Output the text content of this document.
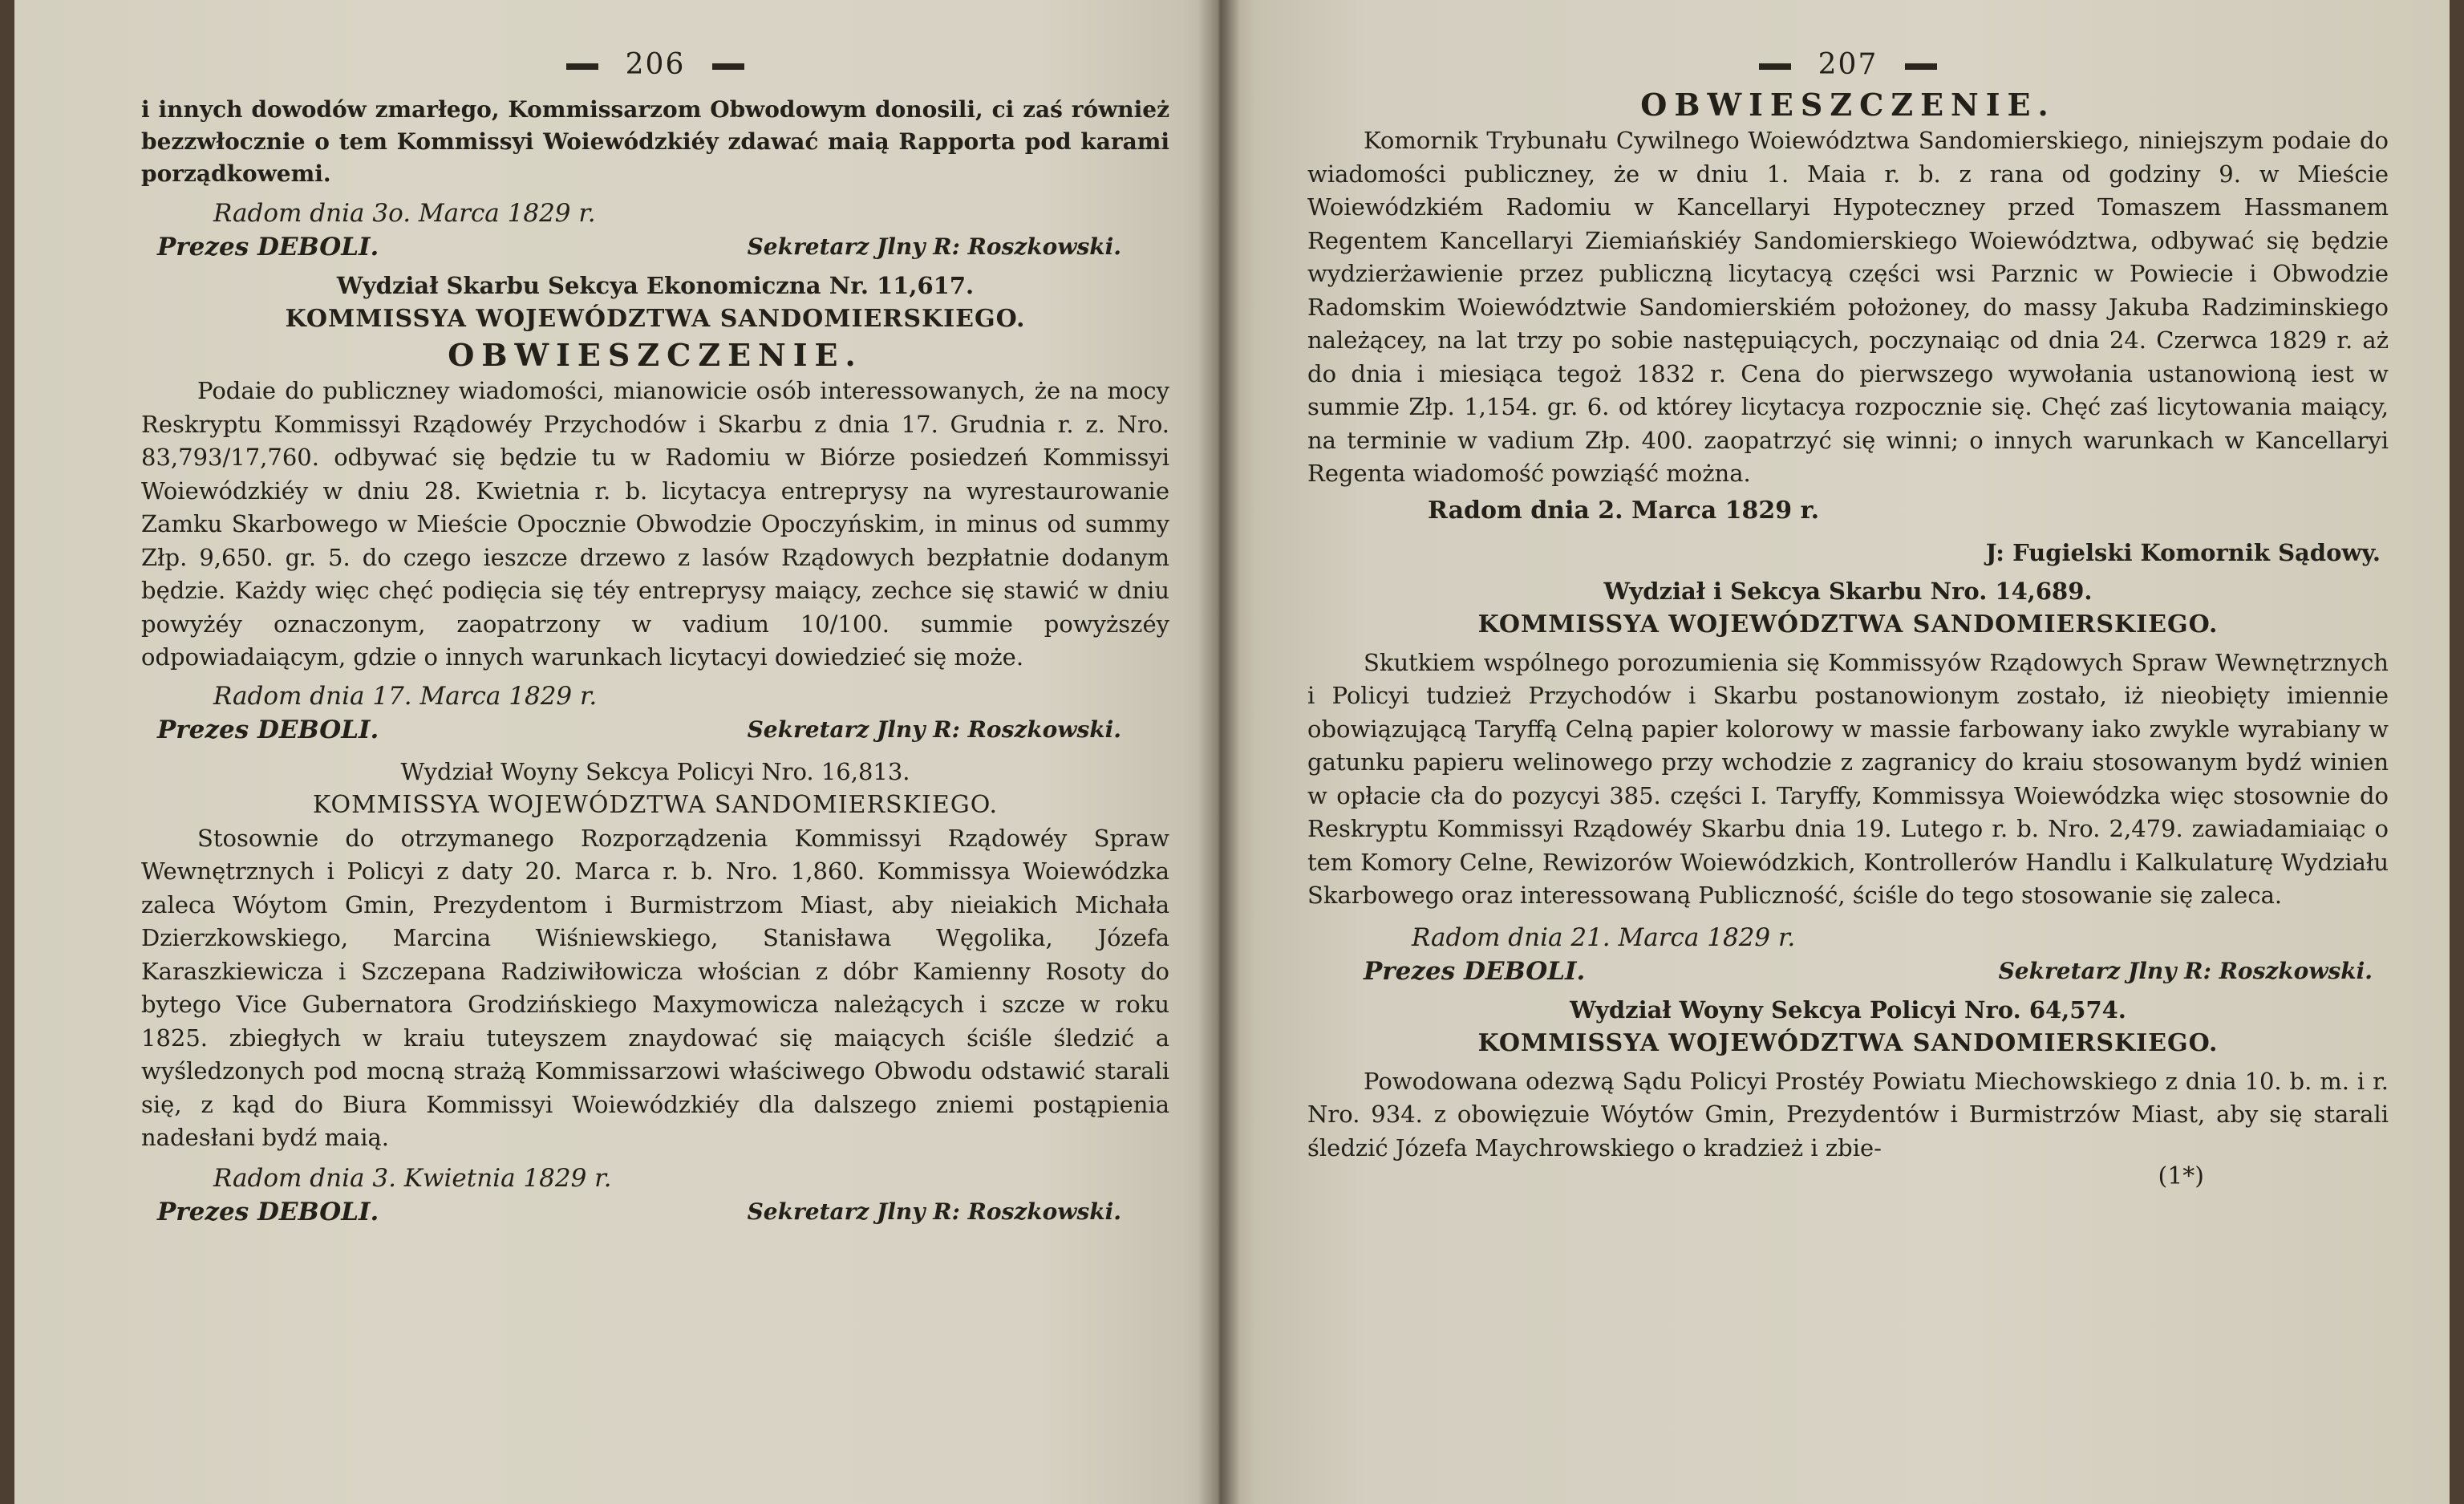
206

i innych dowodów zmarłego, Kommissarzom Obwodowym donosili, ci zaś również bezzwłocznie o tem Kommissyi Woiewódzkiéy zdawać maią Rapporta pod karami porządkowemi.

Radom dnia 3o. Marca 1829 r.
Prezes DEBOLI.	Sekretarz Jlny R: Roszkowski.
Wydział Skarbu Sekcya Ekonomiczna Nr. 11,617.
KOMMISSYA WOJEWÓDZTWA SANDOMIERSKIEGO.
OBWIESZCZENIE.

Podaie do publiczney wiadomości, mianowicie osób interessowanych, że na mocy Reskryptu Kommissyi Rządowéy Przychodów i Skarbu z dnia 17. Grudnia r. z. Nro. 83,793/17,760. odbywać się będzie tu w Radomiu w Biórze posiedzeń Kommissyi Woiewódzkiéy w dniu 28. Kwietnia r. b. licytacya entreprysy na wyrestaurowanie Zamku Skarbowego w Mieście Opocznie Obwodzie Opoczyńskim, in minus od summy Złp. 9,650. gr. 5. do czego ieszcze drzewo z lasów Rządowych bezpłatnie dodanym będzie. Każdy więc chęć podięcia się téy entreprysy maiący, zechce się stawić w dniu powyżéy oznaczonym, zaopatrzony w vadium 10/100. summie powyższéy odpowiadaiącym, gdzie o innych warunkach licytacyi dowiedzieć się może.

Radom dnia 17. Marca 1829 r.
Prezes DEBOLI.	Sekretarz Jlny R: Roszkowski.
Wydział Woyny Sekcya Policyi Nro. 16,813.
KOMMISSYA WOJEWÓDZTWA SANDOMIERSKIEGO.

Stosownie do otrzymanego Rozporządzenia Kommissyi Rządowéy Spraw Wewnętrznych i Policyi z daty 20. Marca r. b. Nro. 1,860. Kommissya Woiewódzka zaleca Wóytom Gmin, Prezydentom i Burmistrzom Miast, aby nieiakich Michała Dzierzkowskiego, Marcina Wiśniewskiego, Stanisława Węgolika, Józefa Karaszkiewicza i Szczepana Radziwiłowicza włościan z dóbr Kamienny Rosoty do bytego Vice Gubernatora Grodzińskiego Maxymowicza należących i szcze w roku 1825. zbiegłych w kraiu tuteyszem znaydować się maiących ściśle śledzić a wyśledzonych pod mocną strażą Kommissarzowi właściwego Obwodu odstawić starali się, z kąd do Biura Kommissyi Woiewódzkiéy dla dalszego zniemi postąpienia nadesłani bydź maią.

Radom dnia 3. Kwietnia 1829 r.
Prezes DEBOLI.	Sekretarz Jlny R: Roszkowski.
207
OBWIESZCZENIE.

Komornik Trybunału Cywilnego Woiewództwa Sandomierskiego, niniejszym podaie do wiadomości publiczney, że w dniu 1. Maia r. b. z rana od godziny 9. w Mieście Woiewódzkiém Radomiu w Kancellaryi Hypoteczney przed Tomaszem Hassmanem Regentem Kancellaryi Ziemiańskiéy Sandomierskiego Woiewództwa, odbywać się będzie wydzierżawienie przez publiczną licytacyą części wsi Parznic w Powiecie i Obwodzie Radomskim Woiewództwie Sandomierskiém położoney, do massy Jakuba Radziminskiego należącey, na lat trzy po sobie następuiących, poczynaiąc od dnia 24. Czerwca 1829 r. aż do dnia i miesiąca tegoż 1832 r. Cena do pierwszego wywołania ustanowioną iest w summie Złp. 1,154. gr. 6. od którey licytacya rozpocznie się. Chęć zaś licytowania maiący, na terminie w vadium Złp. 400. zaopatrzyć się winni; o innych warunkach w Kancellaryi Regenta wiadomość powziąść można.

Radom dnia 2. Marca 1829 r.
J: Fugielski Komornik Sądowy.
Wydział i Sekcya Skarbu Nro. 14,689.
KOMMISSYA WOJEWÓDZTWA SANDOMIERSKIEGO.

Skutkiem wspólnego porozumienia się Kommissyów Rządowych Spraw Wewnętrznych i Policyi tudzież Przychodów i Skarbu postanowionym zostało, iż nieobięty imiennie obowiązującą Taryffą Celną papier kolorowy w massie farbowany iako zwykle wyrabiany w gatunku papieru welinowego przy wchodzie z zagranicy do kraiu stosowanym bydź winien w opłacie cła do pozycyi 385. części I. Taryffy, Kommissya Woiewódzka więc stosownie do Reskryptu Kommissyi Rządowéy Skarbu dnia 19. Lutego r. b. Nro. 2,479. zawiadamiaiąc o tem Komory Celne, Rewizorów Woiewódzkich, Kontrollerów Handlu i Kalkulaturę Wydziału Skarbowego oraz interessowaną Publiczność, ściśle do tego stosowanie się zaleca.

Radom dnia 21. Marca 1829 r.
Prezes DEBOLI.	Sekretarz Jlny R: Roszkowski.
Wydział Woyny Sekcya Policyi Nro. 64,574.
KOMMISSYA WOJEWÓDZTWA SANDOMIERSKIEGO.

Powodowana odezwą Sądu Policyi Prostéy Powiatu Miechowskiego z dnia 10. b. m. i r. Nro. 934. z obowięzuie Wóytów Gmin, Prezydentów i Burmistrzów Miast, aby się starali śledzić Józefa Maychrowskiego o kradzież i zbie-

(1*)
